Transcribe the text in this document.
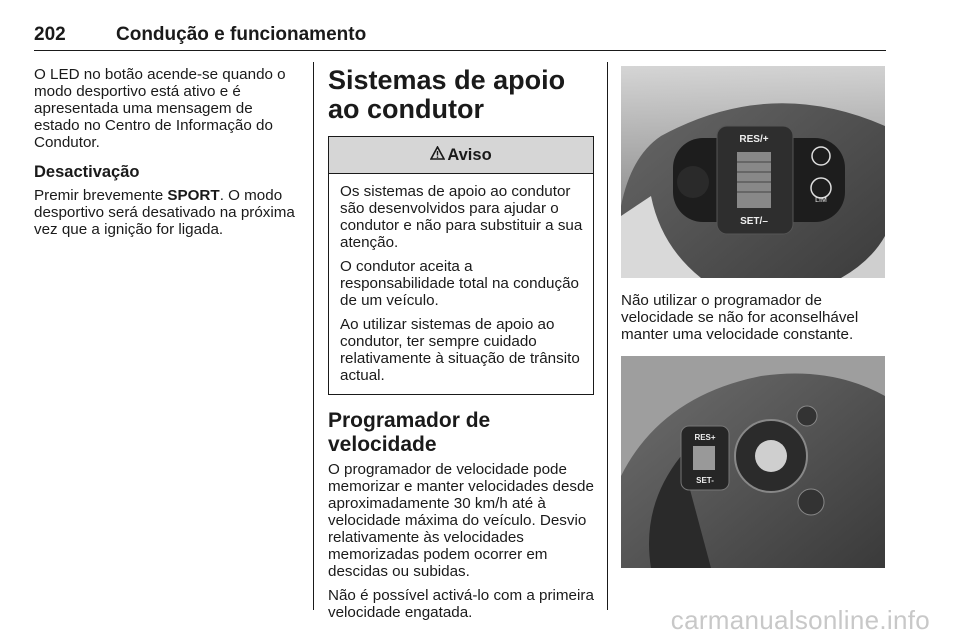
202	Condução e funcionamento

O LED no botão acende-se quando o modo desportivo está ativo e é apresentada uma mensagem de estado no Centro de Informação do Condutor.

Desactivação

Premir brevemente SPORT. O modo desportivo será desativado na próxima vez que a ignição for ligada.

Sistemas de apoio ao condutor
Aviso

Os sistemas de apoio ao condutor são desenvolvidos para ajudar o condutor e não para substituir a sua atenção.

O condutor aceita a responsabilidade total na condução de um veículo.

Ao utilizar sistemas de apoio ao condutor, ter sempre cuidado relativamente à situação de trânsito actual.

Programador de velocidade

O programador de velocidade pode memorizar e manter velocidades desde aproximadamente 30 km/h até à velocidade máxima do veículo. Desvio relativamente às velocidades memorizadas podem ocorrer em descidas ou subidas.

Não é possível activá-lo com a primeira velocidade engatada.

RES/+
SET/–
LIM
Não utilizar o programador de velocidade se não for aconselhável manter uma velocidade constante.
RES+
SET-
carmanualsonline.info
